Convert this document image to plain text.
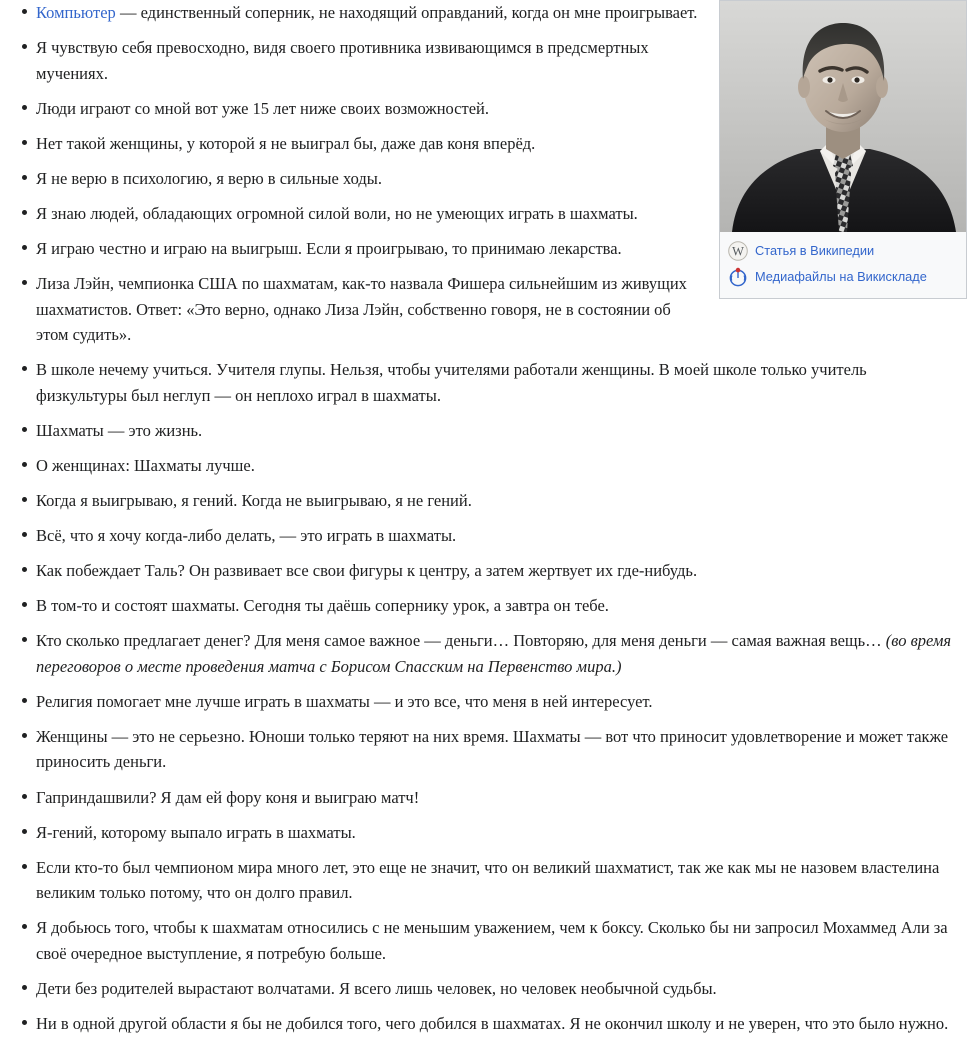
W Статья в Википедии
Медиафайлы на Викискладе
Компьютер — единственный соперник, не находящий оправданий, когда он мне проигрывает.
Я чувствую себя превосходно, видя своего противника извивающимся в предсмертных мучениях.
Люди играют со мной вот уже 15 лет ниже своих возможностей.
Нет такой женщины, у которой я не выиграл бы, даже дав коня вперёд.
Я не верю в психологию, я верю в сильные ходы.
Я знаю людей, обладающих огромной силой воли, но не умеющих играть в шахматы.
Я играю честно и играю на выигрыш. Если я проигрываю, то принимаю лекарства.
Лиза Лэйн, чемпионка США по шахматам, как-то назвала Фишера сильнейшим из живущих шахматистов. Ответ: «Это верно, однако Лиза Лэйн, собственно говоря, не в состоянии об этом судить».
В школе нечему учиться. Учителя глупы. Нельзя, чтобы учителями работали женщины. В моей школе только учитель физкультуры был неглуп — он неплохо играл в шахматы.
Шахматы — это жизнь.
О женщинах: Шахматы лучше.
Когда я выигрываю, я гений. Когда не выигрываю, я не гений.
Всё, что я хочу когда-либо делать, — это играть в шахматы.
Как побеждает Таль? Он развивает все свои фигуры к центру, а затем жертвует их где-нибудь.
В том-то и состоят шахматы. Сегодня ты даёшь сопернику урок, а завтра он тебе.
Кто сколько предлагает денег? Для меня самое важное — деньги… Повторяю, для меня деньги — самая важная вещь… (во время переговоров о месте проведения матча с Борисом Спасским на Первенство мира.)
Религия помогает мне лучше играть в шахматы — и это все, что меня в ней интересует.
Женщины — это не серьезно. Юноши только теряют на них время. Шахматы — вот что приносит удовлетворение и может также приносить деньги.
Гаприндашвили? Я дам ей фору коня и выиграю матч!
Я-гений, которому выпало играть в шахматы.
Если кто-то был чемпионом мира много лет, это еще не значит, что он великий шахматист, так же как мы не назовем властелина великим только потому, что он долго правил.
Я добьюсь того, чтобы к шахматам относились с не меньшим уважением, чем к боксу. Сколько бы ни запросил Мохаммед Али за своё очередное выступление, я потребую больше.
Дети без родителей вырастают волчатами. Я всего лишь человек, но человек необычной судьбы.
Ни в одной другой области я бы не добился того, чего добился в шахматах. Я не окончил школу и не уверен, что это было нужно.
